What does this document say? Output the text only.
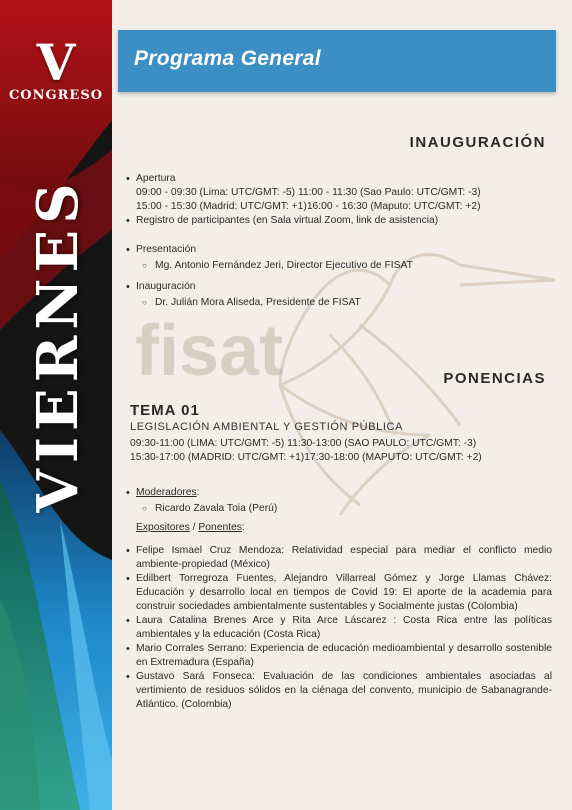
V
CONGRESO
VIERNES
Programa General
fisat
INAUGURACIÓN
• Apertura
09:00 - 09:30 (Lima: UTC/GMT: -5) 11:00 - 11:30 (Sao Paulo: UTC/GMT: -3)
15:00 - 15:30 (Madrid: UTC/GMT: +1)16:00 - 16:30 (Maputo: UTC/GMT: +2)
• Registro de participantes (en Sala virtual Zoom, link de asistencia)
• Presentación
○ Mg. Antonio Fernández Jeri, Director Ejecutivo de FISAT
• Inauguración
○ Dr. Julián Mora Aliseda, Presidente de FISAT
PONENCIAS
TEMA 01
LEGISLACIÓN AMBIENTAL Y GESTIÓN PÚBLICA
09:30-11:00 (LIMA: UTC/GMT: -5) 11:30-13:00 (SAO PAULO: UTC/GMT: -3)
15:30-17:00 (MADRID: UTC/GMT: +1)17:30-18:00 (MAPUTO: UTC/GMT: +2)
• Moderadores:
○ Ricardo Zavala Toia (Perú)
Expositores / Ponentes:
• Felipe Ismael Cruz Mendoza: Relatividad especial para mediar el conflicto medio ambiente-propiedad (México)
• Edilbert Torregroza Fuentes, Alejandro Villarreal Gómez y Jorge Llamas Chávez: Educación y desarrollo local en tiempos de Covid 19: El aporte de la academia para construir sociedades ambientalmente sustentables y Socialmente justas (Colombia)
• Laura Catalina Brenes Arce y Rita Arce Láscarez : Costa Rica entre las políticas ambientales y la educación (Costa Rica)
• Mario Corrales Serrano: Experiencia de educación medioambiental y desarrollo sostenible en Extremadura (España)
• Gustavo Sará Fonseca: Evaluación de las condiciones ambientales asociadas al vertimiento de residuos sólidos en la ciénaga del convento, municipio de Sabanagrande-Atlántico. (Colombia)
